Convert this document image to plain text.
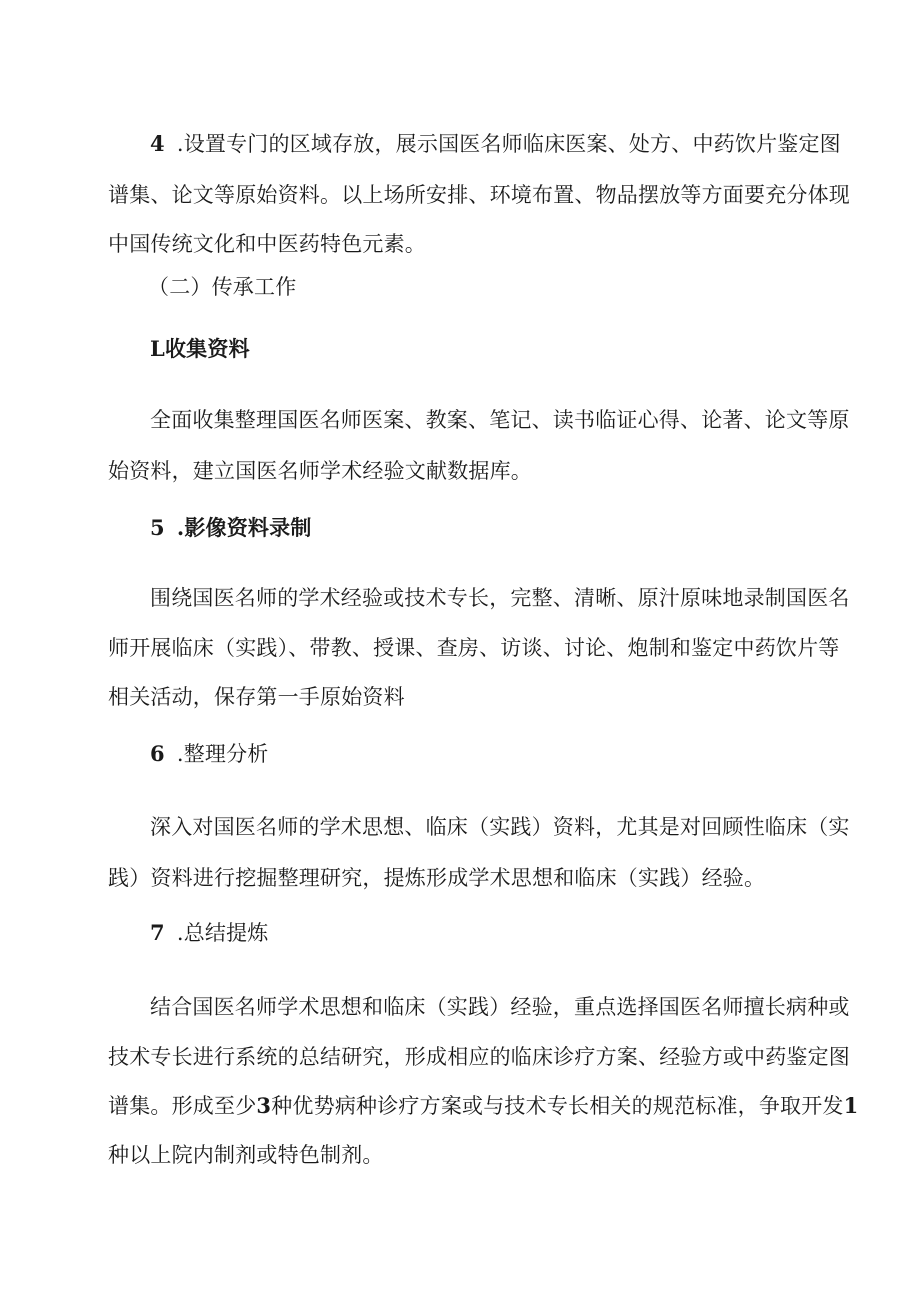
4 .设置专门的区域存放，展示国医名师临床医案、处方、中药饮片鉴定图
谱集、论文等原始资料。以上场所安排、环境布置、物品摆放等方面要充分体现
中国传统文化和中医药特色元素。
（二）传承工作
L收集资料
全面收集整理国医名师医案、教案、笔记、读书临证心得、论著、论文等原
始资料，建立国医名师学术经验文献数据库。
5 .影像资料录制
围绕国医名师的学术经验或技术专长，完整、清晰、原汁原味地录制国医名
师开展临床（实践）、带教、授课、查房、访谈、讨论、炮制和鉴定中药饮片等
相关活动，保存第一手原始资料
6 .整理分析
深入对国医名师的学术思想、临床（实践）资料，尤其是对回顾性临床（实
践）资料进行挖掘整理研究，提炼形成学术思想和临床（实践）经验。
7 .总结提炼
结合国医名师学术思想和临床（实践）经验，重点选择国医名师擅长病种或
技术专长进行系统的总结研究，形成相应的临床诊疗方案、经验方或中药鉴定图
谱集。形成至少3种优势病种诊疗方案或与技术专长相关的规范标准，争取开发1
种以上院内制剂或特色制剂。
